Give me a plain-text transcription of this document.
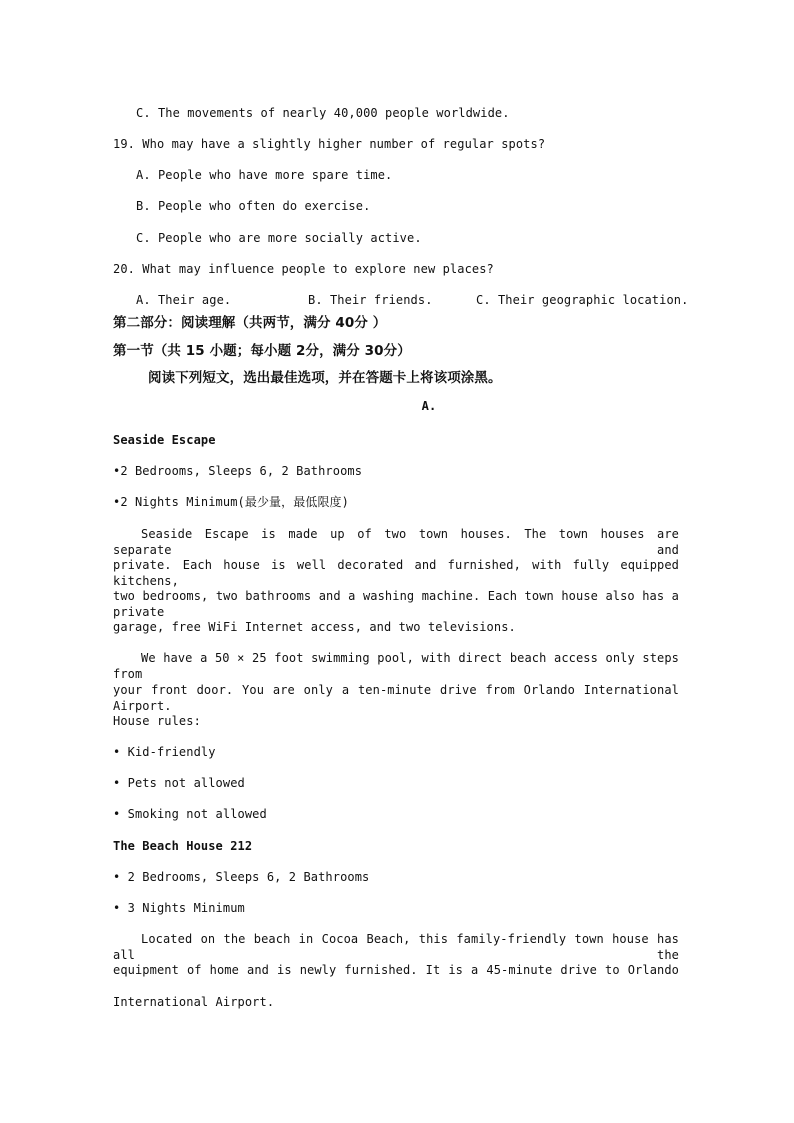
C. The movements of nearly 40,000 people worldwide.
19. Who may have a slightly higher number of regular spots?
A. People who have more spare time.
B. People who often do exercise.
C. People who are more socially active.
20. What may influence people to explore new places?
A. Their age.	B. Their friends.	C. Their geographic location.
第二部分：阅读理解（共两节，满分 40分 ）
第一节（共 15 小题；每小题 2分，满分 30分）
阅读下列短文，选出最佳选项，并在答题卡上将该项涂黑。
A.
Seaside Escape
•2 Bedrooms, Sleeps 6, 2 Bathrooms
•2 Nights Minimum(最少量，最低限度)
Seaside Escape is made up of two town houses. The town houses are separate and
private. Each house is well decorated and furnished, with fully equipped kitchens,
two bedrooms, two bathrooms and a washing machine. Each town house also has a private
garage, free WiFi Internet access, and two televisions.
We have a 50 × 25 foot swimming pool, with direct beach access only steps from
your front door. You are only a ten-minute drive from Orlando International Airport.
House rules:
• Kid-friendly
• Pets not allowed
• Smoking not allowed
The Beach House 212
• 2 Bedrooms, Sleeps 6, 2 Bathrooms
• 3 Nights Minimum
Located on the beach in Cocoa Beach, this family-friendly town house has all the
equipment of home and is newly furnished. It is a 45-minute drive to Orlando
International Airport.
